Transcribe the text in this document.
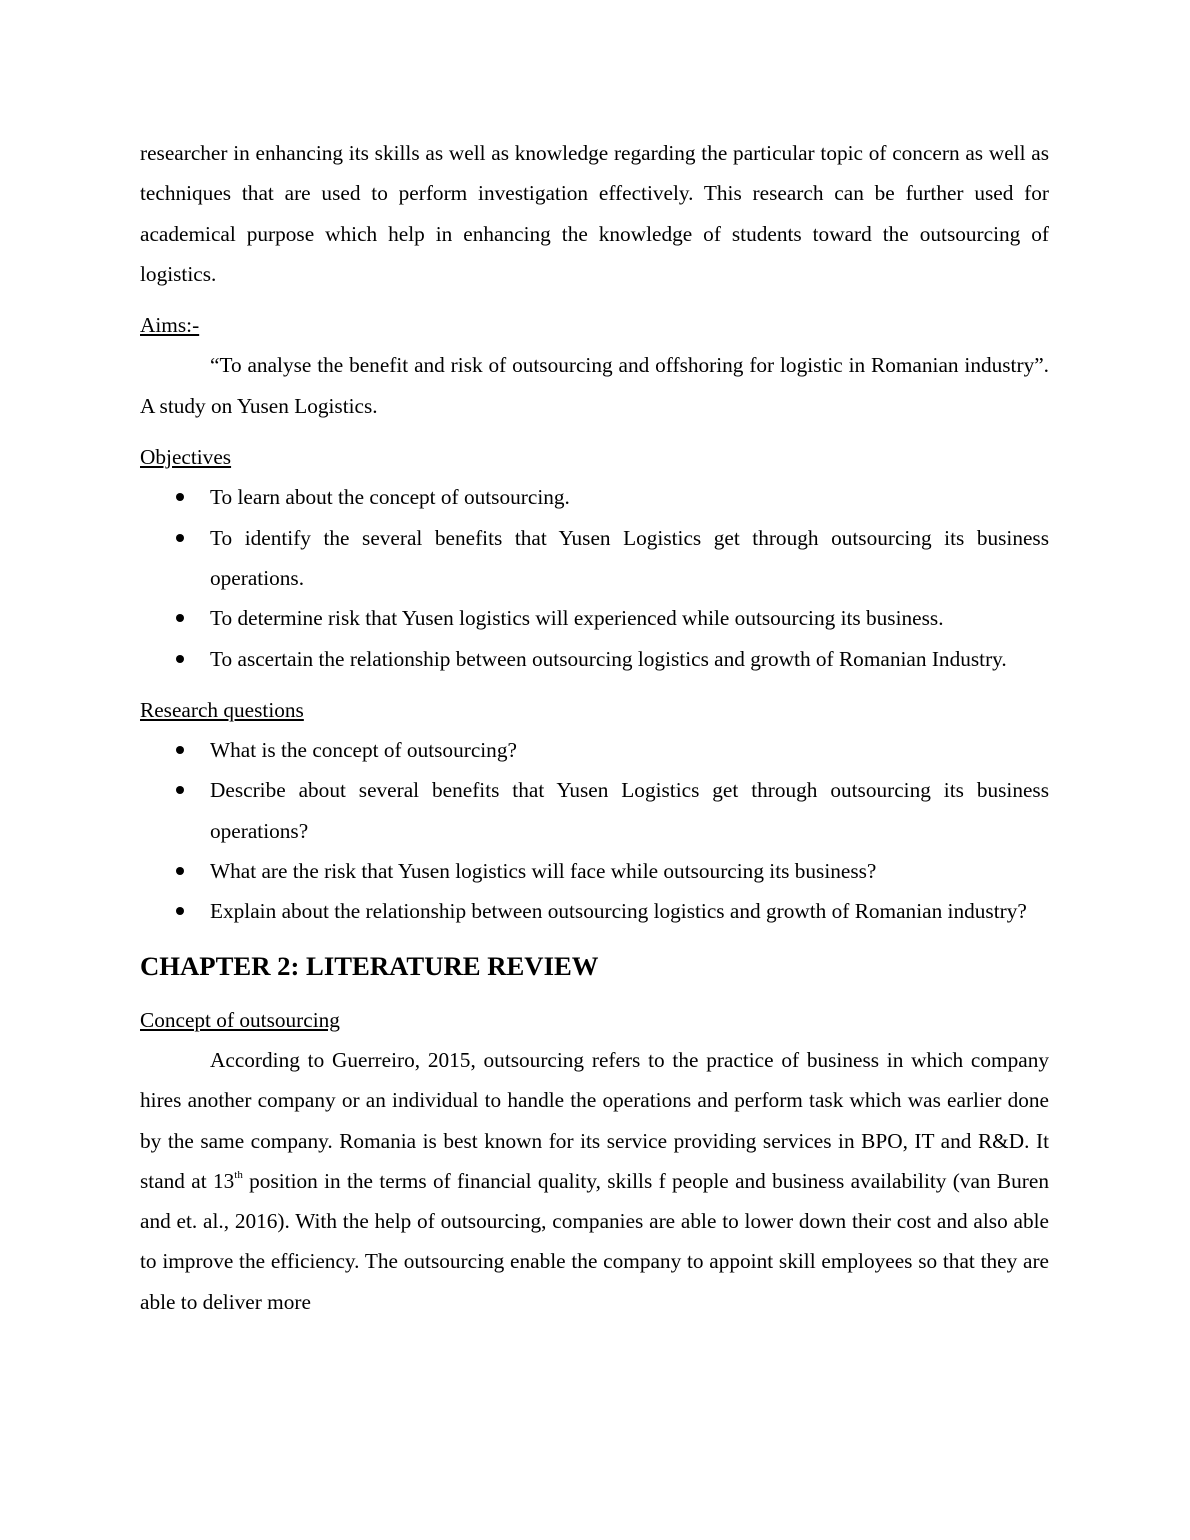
researcher in enhancing its skills as well as knowledge regarding the particular topic of concern as well as techniques that are used to perform investigation effectively. This research can be further used for academical purpose which help in enhancing the knowledge of students toward the outsourcing of logistics.

Aims:-

“To analyse the benefit and risk of outsourcing and offshoring for logistic in Romanian industry”. A study on Yusen Logistics.

Objectives

To learn about the concept of outsourcing.
To identify the several benefits that Yusen Logistics get through outsourcing its business operations.
To determine risk that Yusen logistics will experienced while outsourcing its business.
To ascertain the relationship between outsourcing logistics and growth of Romanian Industry.

Research questions

What is the concept of outsourcing?
Describe about several benefits that Yusen Logistics get through outsourcing its business operations?
What are the risk that Yusen logistics will face while outsourcing its business?
Explain about the relationship between outsourcing logistics and growth of Romanian industry?
CHAPTER 2: LITERATURE REVIEW

Concept of outsourcing

According to Guerreiro, 2015, outsourcing refers to the practice of business in which company hires another company or an individual to handle the operations and perform task which was earlier done by the same company. Romania is best known for its service providing services in BPO, IT and R&D. It stand at 13th position in the terms of financial quality, skills f people and business availability (van Buren and et. al., 2016). With the help of outsourcing, companies are able to lower down their cost and also able to improve the efficiency. The outsourcing enable the company to appoint skill employees so that they are able to deliver more
